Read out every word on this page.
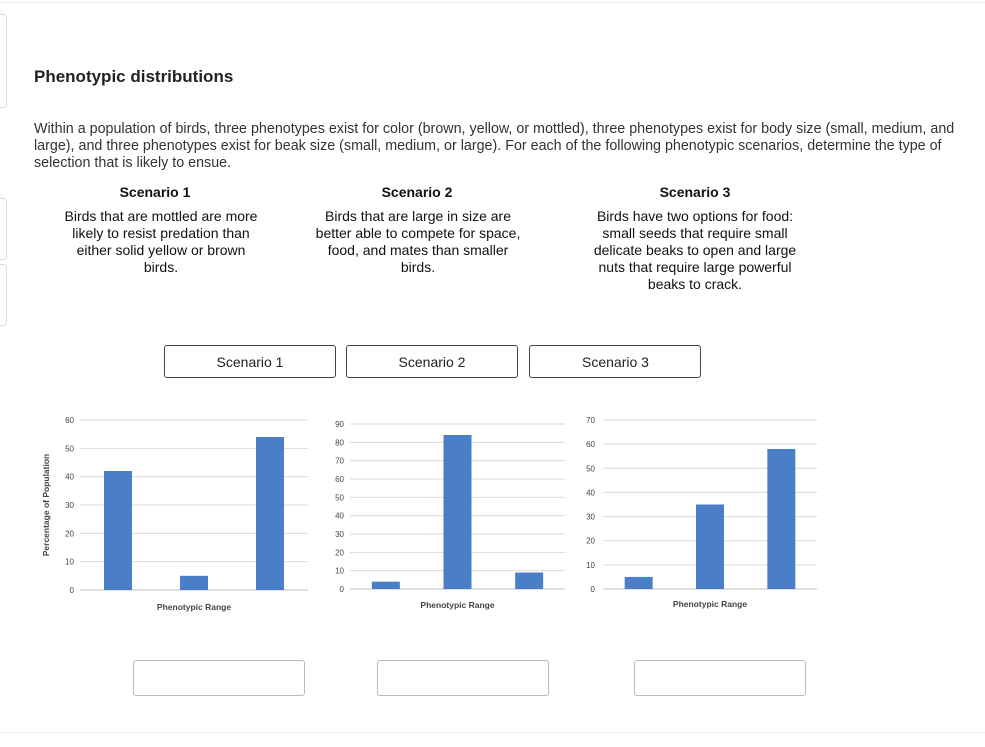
Phenotypic distributions
Within a population of birds, three phenotypes exist for color (brown, yellow, or mottled), three phenotypes exist for body size (small, medium, and large), and three phenotypes exist for beak size (small, medium, or large). For each of the following phenotypic scenarios, determine the type of selection that is likely to ensue.
Scenario 1
Birds that are mottled are more likely to resist predation than either solid yellow or brown birds.
Scenario 2
Birds that are large in size are better able to compete for space, food, and mates than smaller birds.
Scenario 3
Birds have two options for food: small seeds that require small delicate beaks to open and large nuts that require large powerful beaks to crack.
Scenario 1	Scenario 2	Scenario 3
0
10
20
30
40
50
60
Phenotypic Range
Percentage of Population
0
10
20
30
40
50
60
70
80
90
Phenotypic Range
0
10
20
30
40
50
60
70
Phenotypic Range
